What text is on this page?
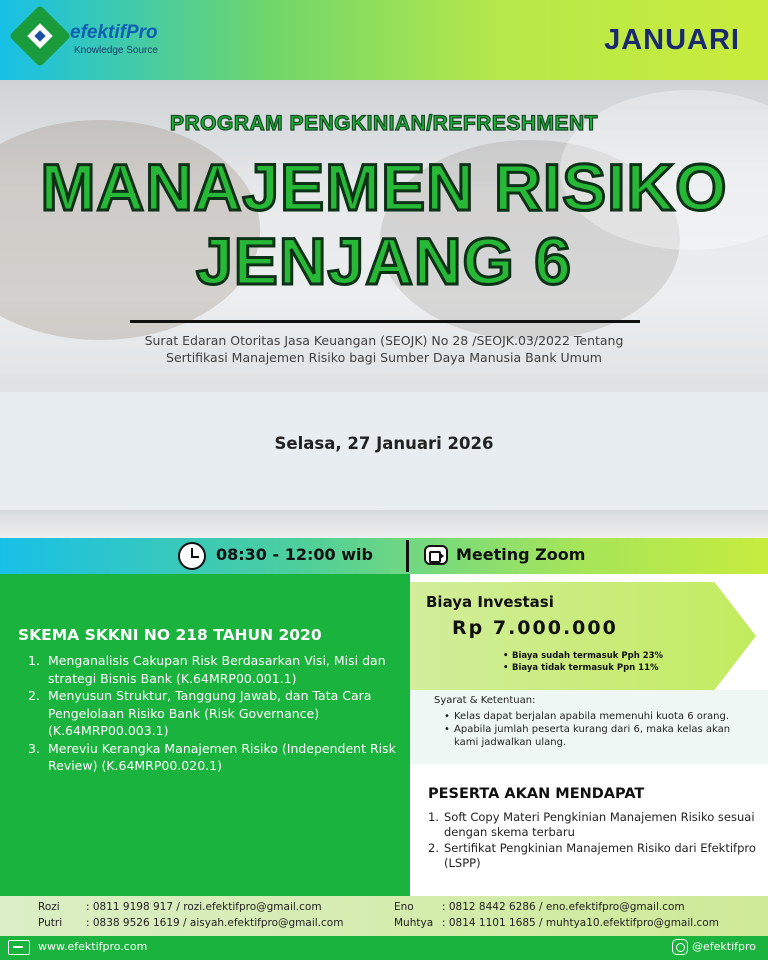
efektifPro
Knowledge Source	JANUARI
PROGRAM PENGKINIAN/REFRESHMENT
MANAJEMEN RISIKO
JENJANG 6
Surat Edaran Otoritas Jasa Keuangan (SEOJK) No 28 /SEOJK.03/2022 Tentang
Sertifikasi Manajemen Risiko bagi Sumber Daya Manusia Bank Umum
Selasa, 27 Januari 2026
08:30 - 12:00 wib	Meeting Zoom
SKEMA SKKNI NO 218 TAHUN 2020
1. Menganalisis Cakupan Risk Berdasarkan Visi, Misi dan strategi Bisnis Bank (K.64MRP00.001.1)
2. Menyusun Struktur, Tanggung Jawab, dan Tata Cara Pengelolaan Risiko Bank (Risk Governance) (K.64MRP00.003.1)
3. Mereviu Kerangka Manajemen Risiko (Independent Risk Review) (K.64MRP00.020.1)
Biaya Investasi
Rp 7.000.000
• Biaya sudah termasuk Pph 23%
• Biaya tidak termasuk Ppn 11%
Syarat & Ketentuan:
• Kelas dapat berjalan apabila memenuhi kuota 6 orang.
• Apabila jumlah peserta kurang dari 6, maka kelas akan kami jadwalkan ulang.
PESERTA AKAN MENDAPAT
1. Soft Copy Materi Pengkinian Manajemen Risiko sesuai dengan skema terbaru
2. Sertifikat Pengkinian Manajemen Risiko dari Efektifpro (LSPP)
Rozi	: 0811 9198 917 / rozi.efektifpro@gmail.com
Putri : 0838 9526 1619 / aisyah.efektifpro@gmail.com
Eno	: 0812 8442 6286 / eno.efektifpro@gmail.com
Muhtya : 0814 1101 1685 / muhtya10.efektifpro@gmail.com
www.efektifpro.com	@efektifpro
